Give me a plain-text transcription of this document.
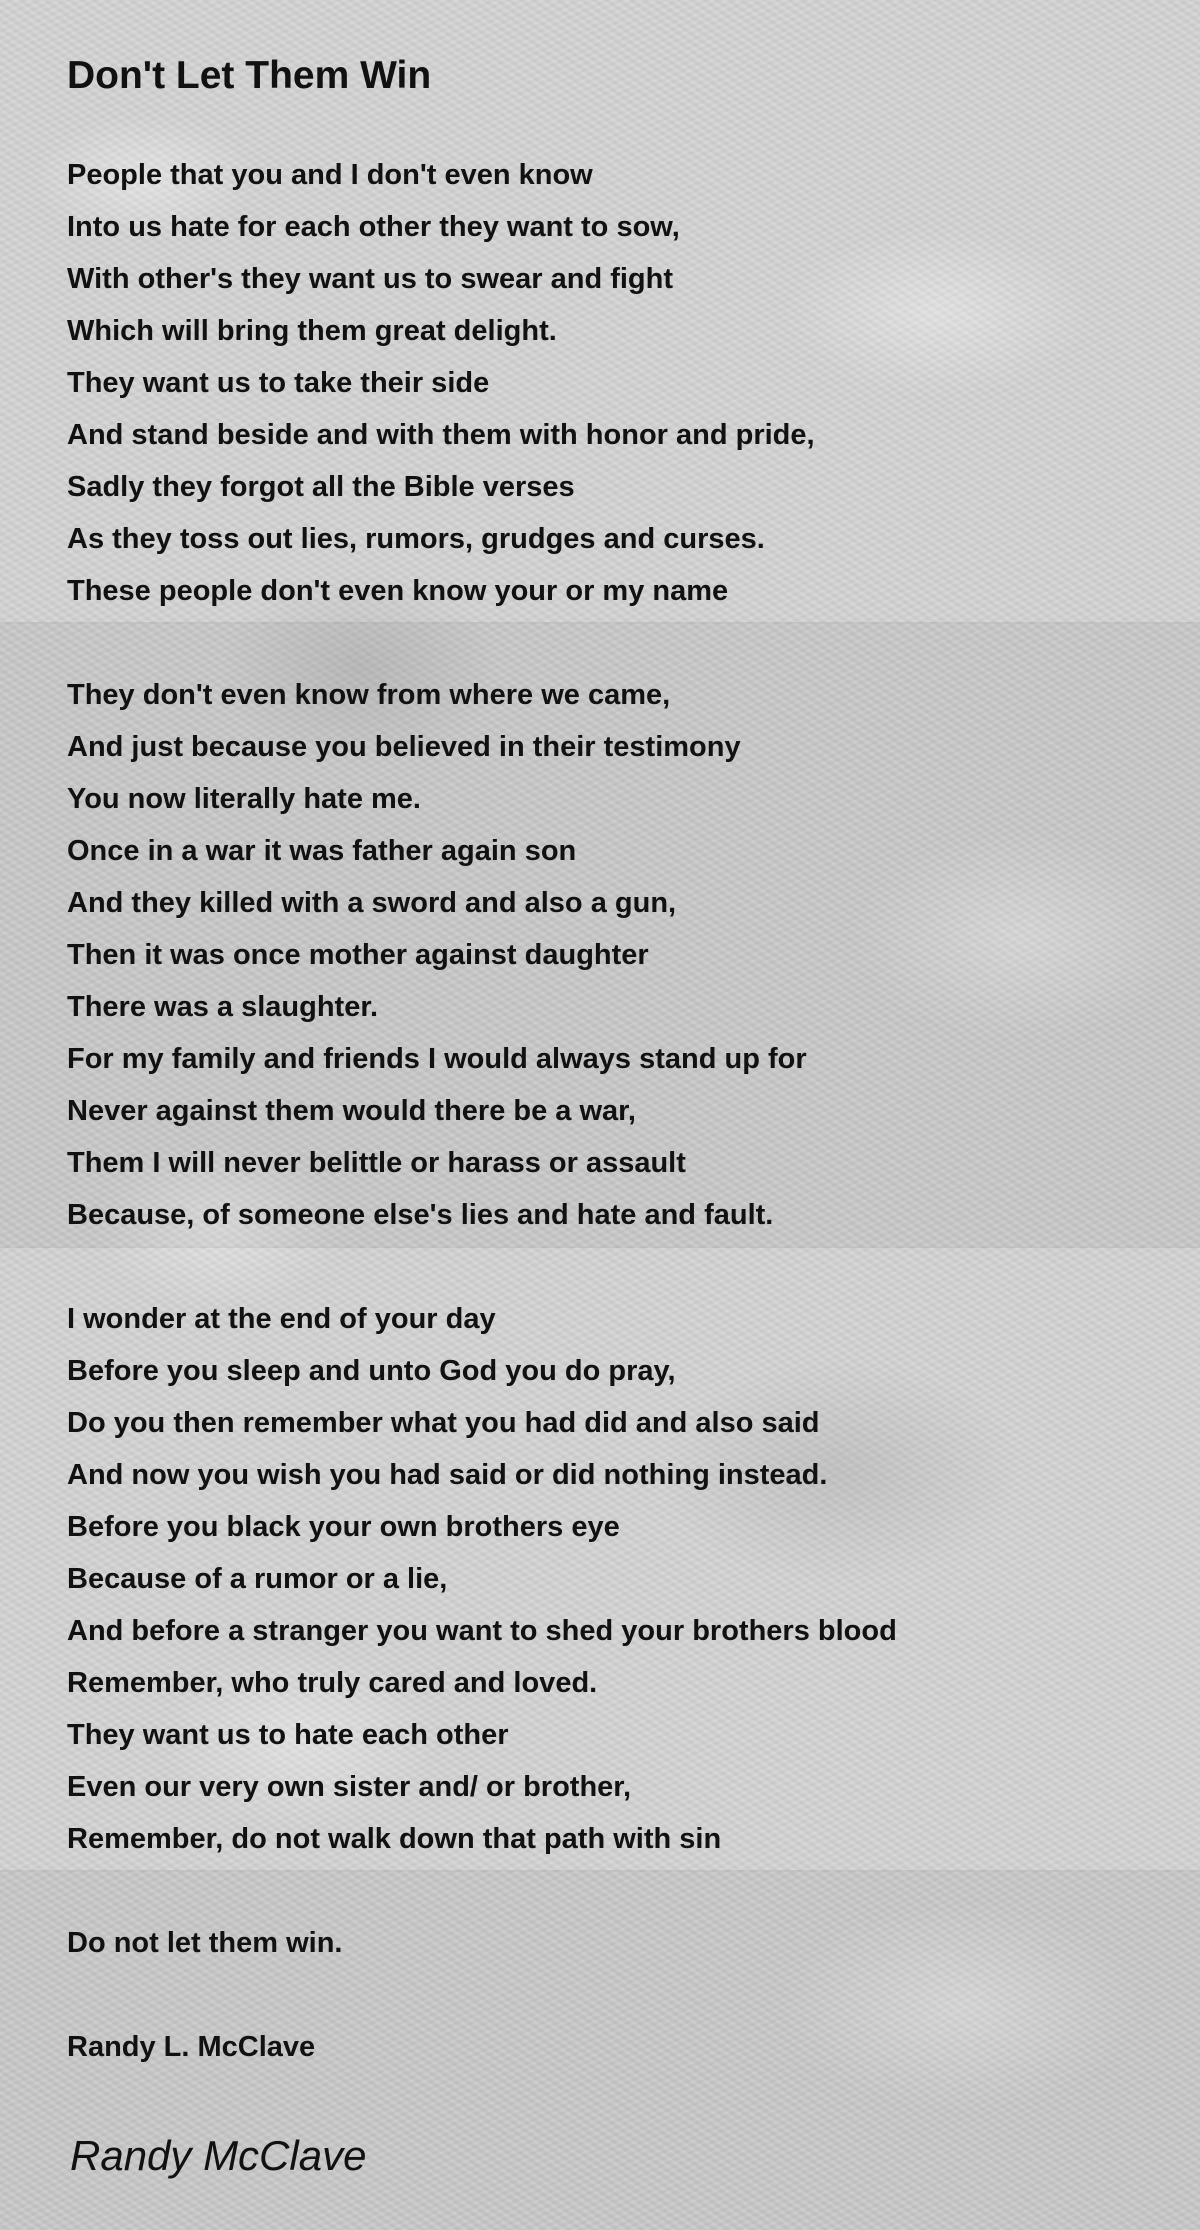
Don't Let Them Win
People that you and I don't even know
Into us hate for each other they want to sow,
With other's they want us to swear and fight
Which will bring them great delight.
They want us to take their side
And stand beside and with them with honor and pride,
Sadly they forgot all the Bible verses
As they toss out lies, rumors, grudges and curses.
These people don't even know your or my name
They don't even know from where we came,
And just because you believed in their testimony
You now literally hate me.
Once in a war it was father again son
And they killed with a sword and also a gun,
Then it was once mother against daughter
There was a slaughter.
For my family and friends I would always stand up for
Never against them would there be a war,
Them I will never belittle or harass or assault
Because, of someone else's lies and hate and fault.
I wonder at the end of your day
Before you sleep and unto God you do pray,
Do you then remember what you had did and also said
And now you wish you had said or did nothing instead.
Before you black your own brothers eye
Because of a rumor or a lie,
And before a stranger you want to shed your brothers blood
Remember, who truly cared and loved.
They want us to hate each other
Even our very own sister and/ or brother,
Remember, do not walk down that path with sin
Do not let them win.
Randy L. McClave
Randy McClave
